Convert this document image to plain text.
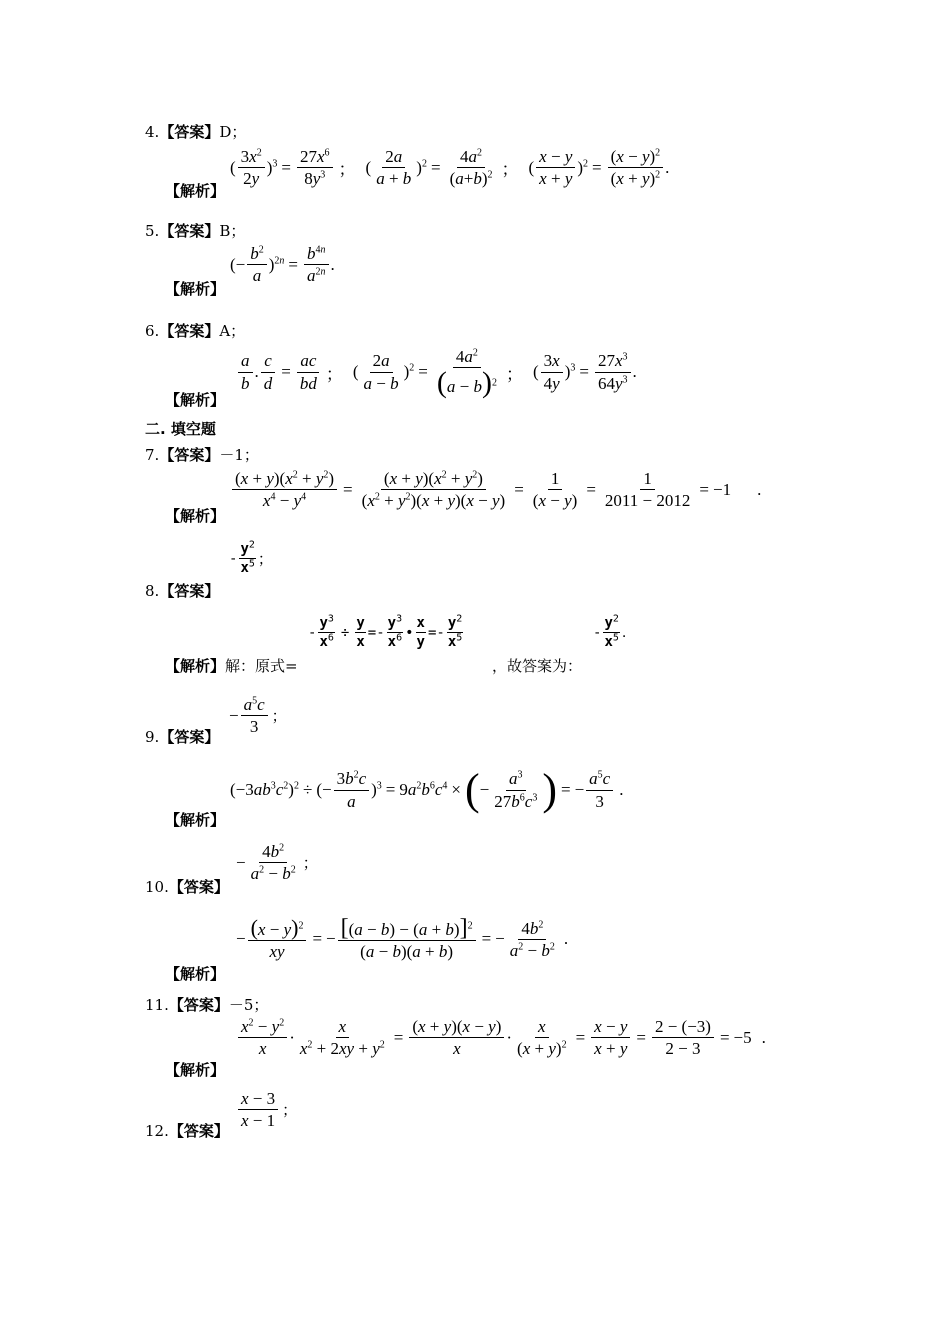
4.【答案】D；
【解析】
( $\frac{3x^2}{2y} )^3 = \frac{27x^6}{8y^3}$ ； ( $\frac{2a}{a + b} )^2 = \frac{4a^2}{(a+b)^2}$ ； ( $\frac{x - y}{x + y} )^2 = \frac{(x - y)^2}{(x + y)^2}$ .
5.【答案】B；
【解析】
(− $\frac{b^2}{a} )^{2n} = \frac{b^{4n}}{a^{2n}}$ .
6.【答案】A；
【解析】
$\frac{a}{b}$ . $\frac{c}{d} = \frac{ac}{bd}$ ； ( $\frac{2a}{a - b} )^2 = \frac{4a^2}{(a - b)^2}$ ； ( $\frac{3x}{4y} )^3 = \frac{27x^3}{64y^3}$ .
二. 填空题
7.【答案】－1；
【解析】
$\frac{(x + y)(x^2 + y^2)}{x^4 - y^4} = \frac{(x + y)(x^2 + y^2)}{(x^2 + y^2)(x + y)(x - y)} = \frac{1}{(x - y)} = \frac{1}{2011 - 2012} = -1$ .
8.【答案】
- $\frac{y^2}{x^5}$ ；
【解析】解：原式=
- $\frac{y^3}{x^6} \div \frac{y}{x} =- \frac{y^3}{x^6}$ • $\frac{x}{y} =- \frac{y^2}{x^5}$
，故答案为：
- $\frac{y^2}{x^5}$ .
9.【答案】
− $\frac{a^5c}{3}$ ；
【解析】
$(-3ab^3c^2)^2$ ÷ (− $\frac{3b^2c}{a} )^3 = 9a^2b^6c^4$ × ( − $\frac{a^3}{27b^6c^3}$ ) = − $\frac{a^5c}{3}$ .
10.【答案】
− $\frac{4b^2}{a^2 - b^2}$ ；
【解析】
− $\frac{(x - y)^2}{xy}$ = − $\frac{[(a - b) - (a + b)]^2}{(a - b)(a + b)}$ = − $\frac{4b^2}{a^2 - b^2}$ .
11.【答案】－5；
【解析】
$\frac{x^2 - y^2}{x} \cdot \frac{x}{x^2 + 2xy + y^2} = \frac{(x + y)(x - y)}{x} \cdot \frac{x}{(x + y)^2} = \frac{x - y}{x + y} = \frac{2 - (-3)}{2 - 3} = -5$ .
12.【答案】 $\frac{x - 3}{x - 1}$ ；
